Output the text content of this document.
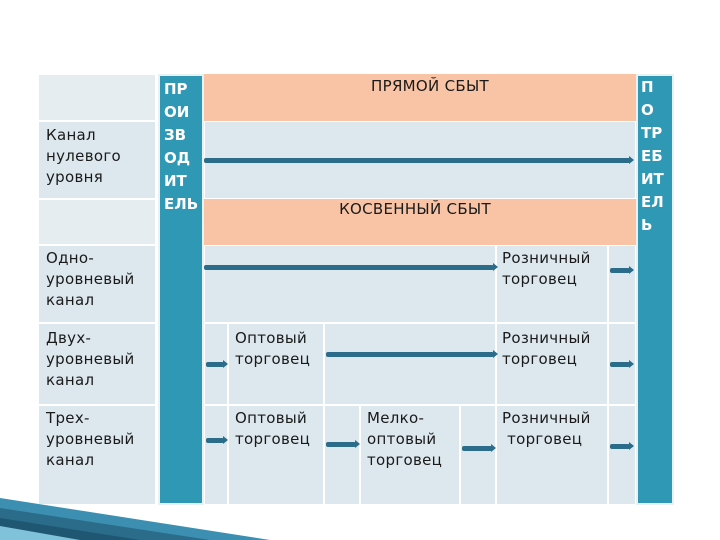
ПРЯМОЙ СБЫТ
КОСВЕННЫЙ СБЫТ
ПР
ОИ
ЗВ
ОД
ИТ
ЕЛЬ
П
О
ТР
ЕБ
ИТ
ЕЛ
Ь
Канал
нулевого
уровня
Одно-
уровневый
канал
Двух-
уровневый
канал
Трех-
уровневый
канал
Розничный
торговец
Оптовый
торговец
Розничный
торговец
Оптовый
торговец
Мелко-
оптовый
торговец
Розничный
торговец
